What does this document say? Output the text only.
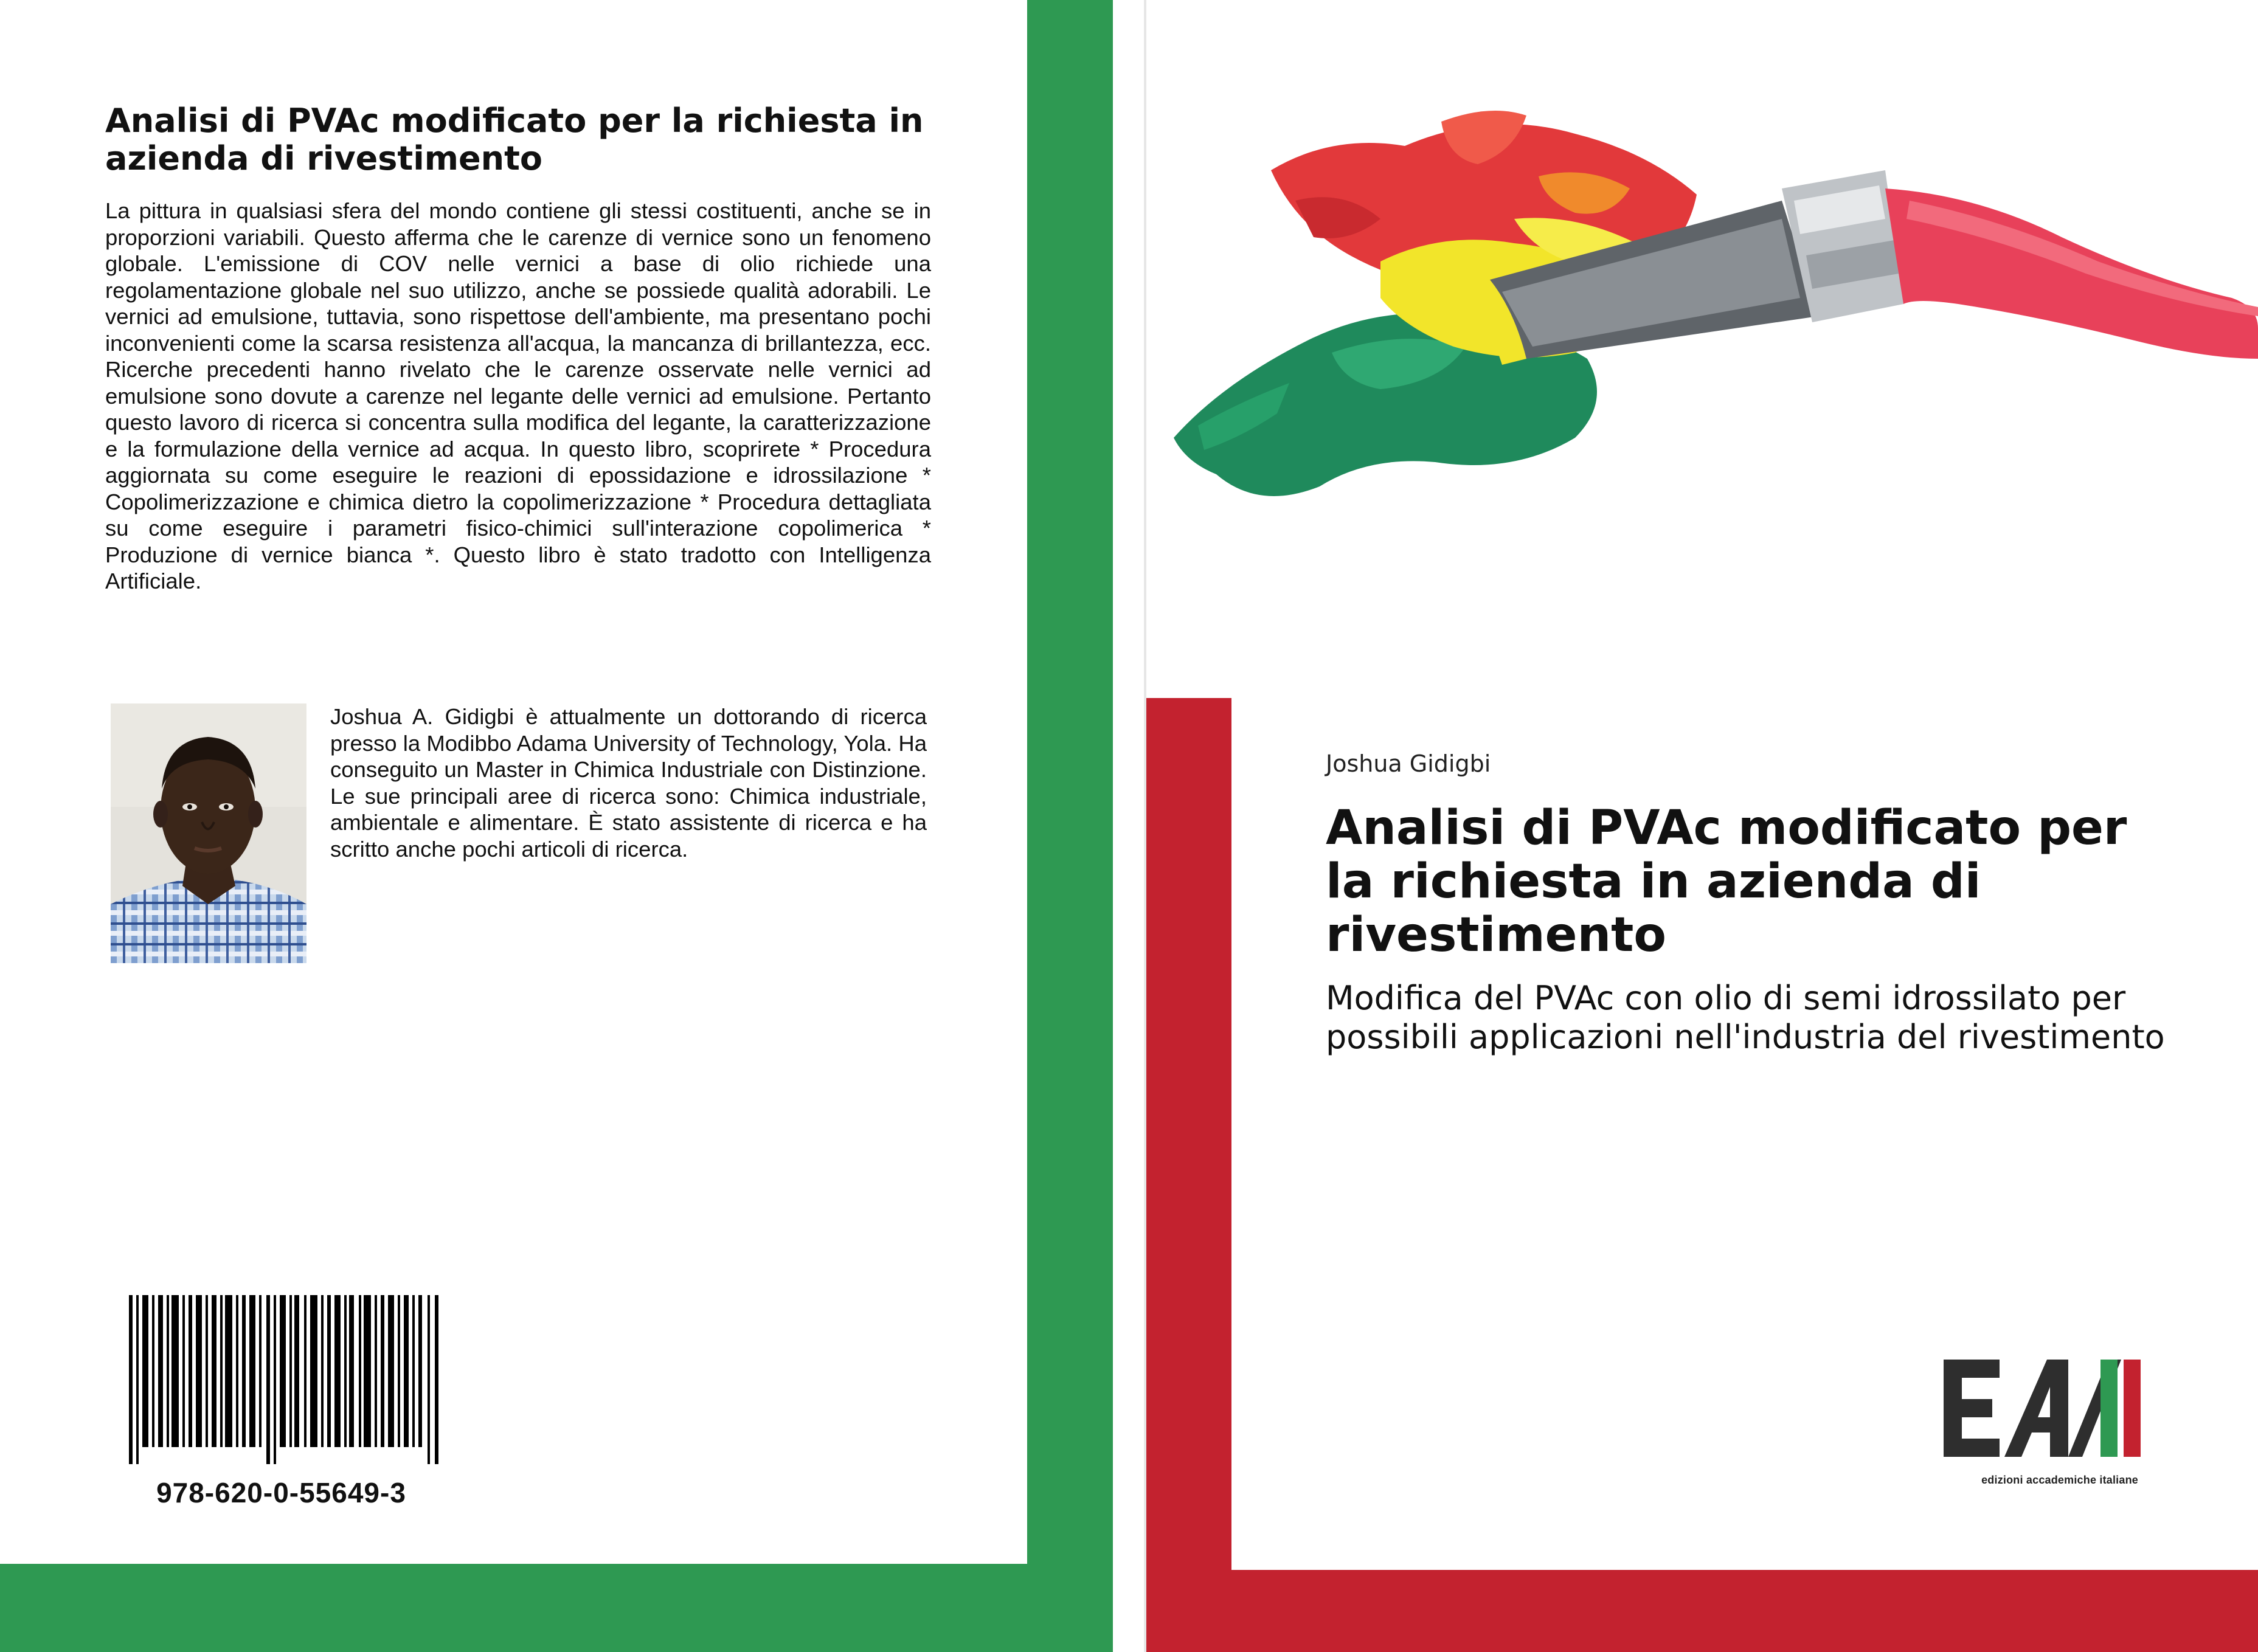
Analisi di PVAc modificato per la richiesta in azienda di rivestimento

La pittura in qualsiasi sfera del mondo contiene gli stessi costituenti, anche se in proporzioni variabili. Questo afferma che le carenze di vernice sono un fenomeno globale. L'emissione di COV nelle vernici a base di olio richiede una regolamentazione globale nel suo utilizzo, anche se possiede qualità adorabili. Le vernici ad emulsione, tuttavia, sono rispettose dell'ambiente, ma presentano pochi inconvenienti come la scarsa resistenza all'acqua, la mancanza di brillantezza, ecc. Ricerche precedenti hanno rivelato che le carenze osservate nelle vernici ad emulsione sono dovute a carenze nel legante delle vernici ad emulsione. Pertanto questo lavoro di ricerca si concentra sulla modifica del legante, la caratterizzazione e la formulazione della vernice ad acqua. In questo libro, scoprirete * Procedura aggiornata su come eseguire le reazioni di epossidazione e idrossilazione * Copolimerizzazione e chimica dietro la copolimerizzazione * Procedura dettagliata su come eseguire i parametri fisico-chimici sull'interazione copolimerica * Produzione di vernice bianca *. Questo libro è stato tradotto con Intelligenza Artificiale.

Joshua A. Gidigbi è attualmente un dottorando di ricerca presso la Modibbo Adama University of Technology, Yola. Ha conseguito un Master in Chimica Industriale con Distinzione. Le sue principali aree di ricerca sono: Chimica industriale, ambientale e alimentare. È stato assistente di ricerca e ha scritto anche pochi articoli di ricerca.

978-620-0-55649-3
Joshua Gidigbi
Analisi di PVAc modificato per la richiesta in azienda di rivestimento
Modifica del PVAc con olio di semi idrossilato per possibili applicazioni nell'industria del rivestimento
edizioni accademiche italiane
